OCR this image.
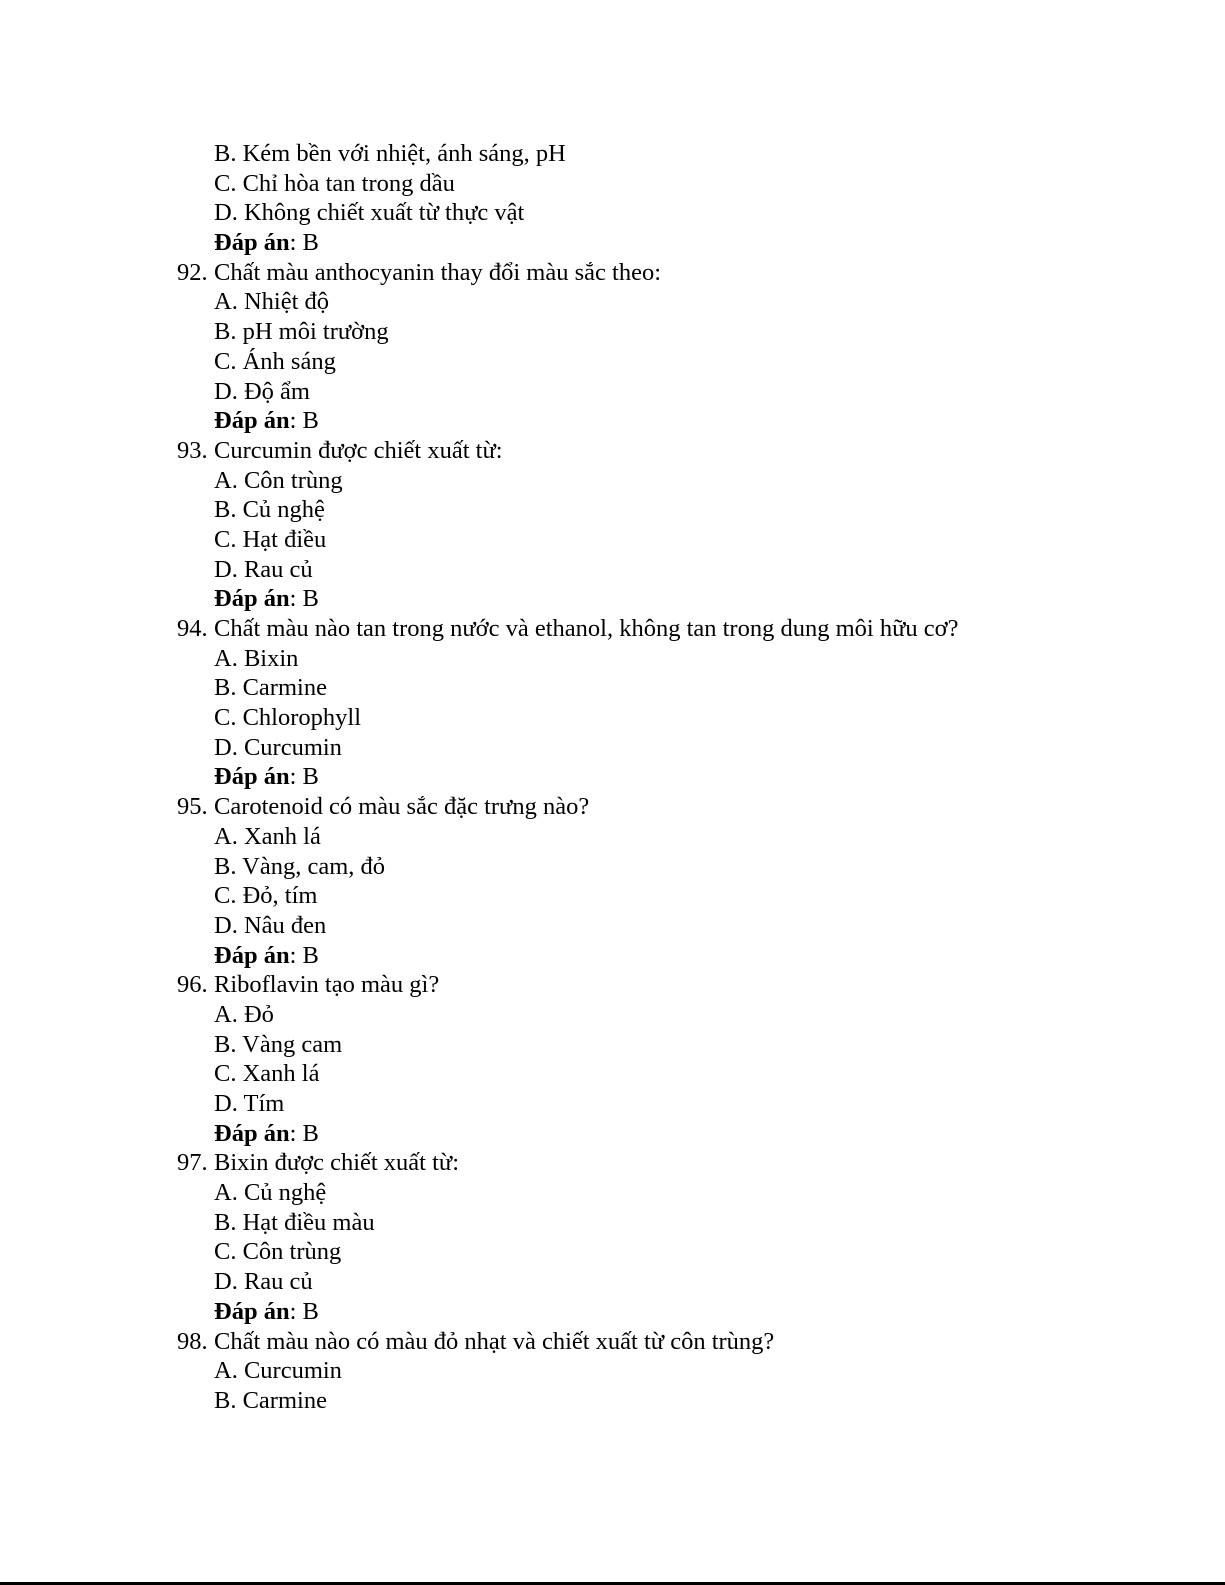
B. Kém bền với nhiệt, ánh sáng, pH
C. Chỉ hòa tan trong dầu
D. Không chiết xuất từ thực vật
Đáp án: B
92. Chất màu anthocyanin thay đổi màu sắc theo:
A. Nhiệt độ
B. pH môi trường
C. Ánh sáng
D. Độ ẩm
Đáp án: B
93. Curcumin được chiết xuất từ:
A. Côn trùng
B. Củ nghệ
C. Hạt điều
D. Rau củ
Đáp án: B
94. Chất màu nào tan trong nước và ethanol, không tan trong dung môi hữu cơ?
A. Bixin
B. Carmine
C. Chlorophyll
D. Curcumin
Đáp án: B
95. Carotenoid có màu sắc đặc trưng nào?
A. Xanh lá
B. Vàng, cam, đỏ
C. Đỏ, tím
D. Nâu đen
Đáp án: B
96. Riboflavin tạo màu gì?
A. Đỏ
B. Vàng cam
C. Xanh lá
D. Tím
Đáp án: B
97. Bixin được chiết xuất từ:
A. Củ nghệ
B. Hạt điều màu
C. Côn trùng
D. Rau củ
Đáp án: B
98. Chất màu nào có màu đỏ nhạt và chiết xuất từ côn trùng?
A. Curcumin
B. Carmine
